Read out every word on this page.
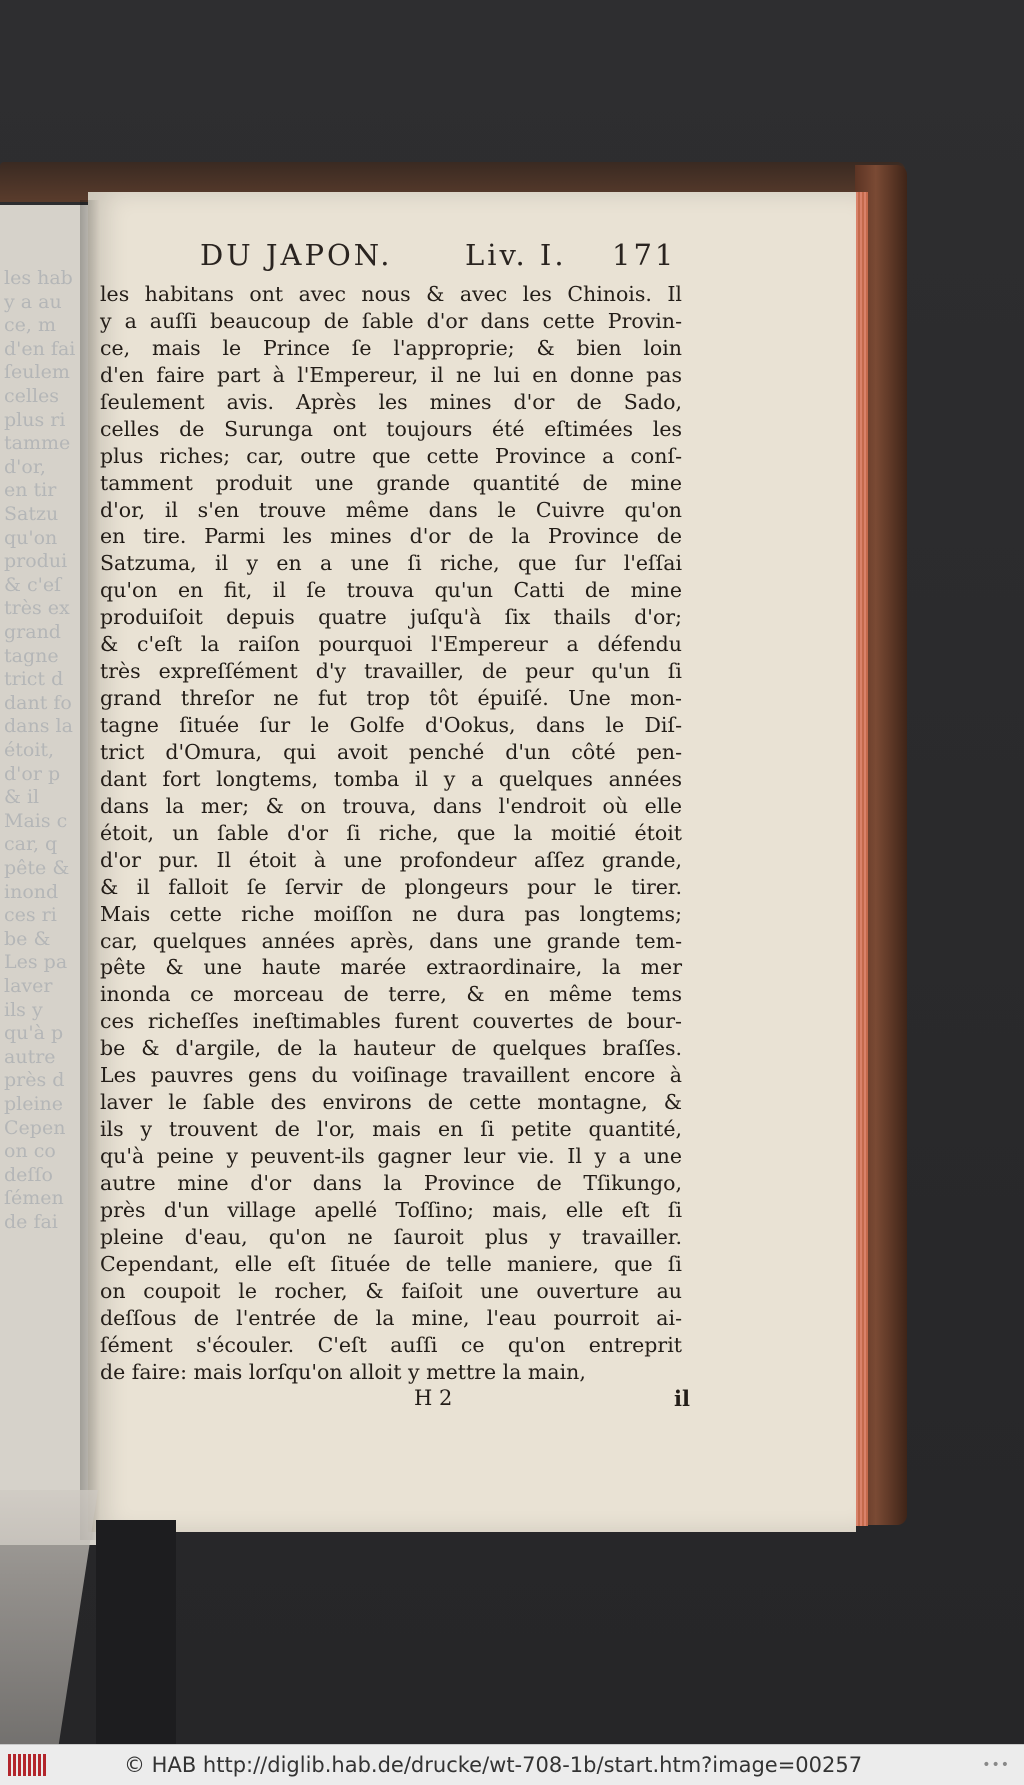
les hab
y a au
ce, m
d'en fai
ſeulem
celles
plus ri
tamme
d'or,
en tir
Satzu
qu'on
produi
& c'eſ
très ex
grand
tagne
trict d
dant fo
dans la
étoit,
d'or p
& il
Mais c
car, q
pête &
inond
ces ri
be &
Les pa
laver
ils y
qu'à p
autre
près d
pleine
Cepen
on co
deſſo
ſémen
de fai
DU JAPON. Liv. I. 171
les habitans ont avec nous & avec les Chinois. Il
y a auſſi beaucoup de ſable d'or dans cette Provin-
ce, mais le Prince ſe l'approprie; & bien loin
d'en faire part à l'Empereur, il ne lui en donne pas
ſeulement avis. Après les mines d'or de Sado,
celles de Surunga ont toujours été eſtimées les
plus riches; car, outre que cette Province a conſ-
tamment produit une grande quantité de mine
d'or, il s'en trouve même dans le Cuivre qu'on
en tire. Parmi les mines d'or de la Province de
Satzuma, il y en a une ſi riche, que ſur l'eſſai
qu'on en fit, il ſe trouva qu'un Catti de mine
produiſoit depuis quatre juſqu'à ſix thails d'or;
& c'eſt la raiſon pourquoi l'Empereur a défendu
très expreſſément d'y travailler, de peur qu'un ſi
grand threſor ne fut trop tôt épuiſé. Une mon-
tagne ſituée ſur le Golfe d'Ookus, dans le Diſ-
trict d'Omura, qui avoit penché d'un côté pen-
dant fort longtems, tomba il y a quelques années
dans la mer; & on trouva, dans l'endroit où elle
étoit, un ſable d'or ſi riche, que la moitié étoit
d'or pur. Il étoit à une profondeur aſſez grande,
& il falloit ſe ſervir de plongeurs pour le tirer.
Mais cette riche moiſſon ne dura pas longtems;
car, quelques années après, dans une grande tem-
pête & une haute marée extraordinaire, la mer
inonda ce morceau de terre, & en même tems
ces richeſſes ineſtimables furent couvertes de bour-
be & d'argile, de la hauteur de quelques braſſes.
Les pauvres gens du voiſinage travaillent encore à
laver le ſable des environs de cette montagne, &
ils y trouvent de l'or, mais en ſi petite quantité,
qu'à peine y peuvent-ils gagner leur vie. Il y a une
autre mine d'or dans la Province de Tſikungo,
près d'un village apellé Toſſino; mais, elle eſt ſi
pleine d'eau, qu'on ne ſauroit plus y travailler.
Cependant, elle eſt ſituée de telle maniere, que ſi
on coupoit le rocher, & faiſoit une ouverture au
deſſous de l'entrée de la mine, l'eau pourroit ai-
ſément s'écouler. C'eſt auſſi ce qu'on entreprit
de faire: mais lorſqu'on alloit y mettre la main,
H 2	il
© HAB http://diglib.hab.de/drucke/wt-708-1b/start.htm?image=00257	•••
